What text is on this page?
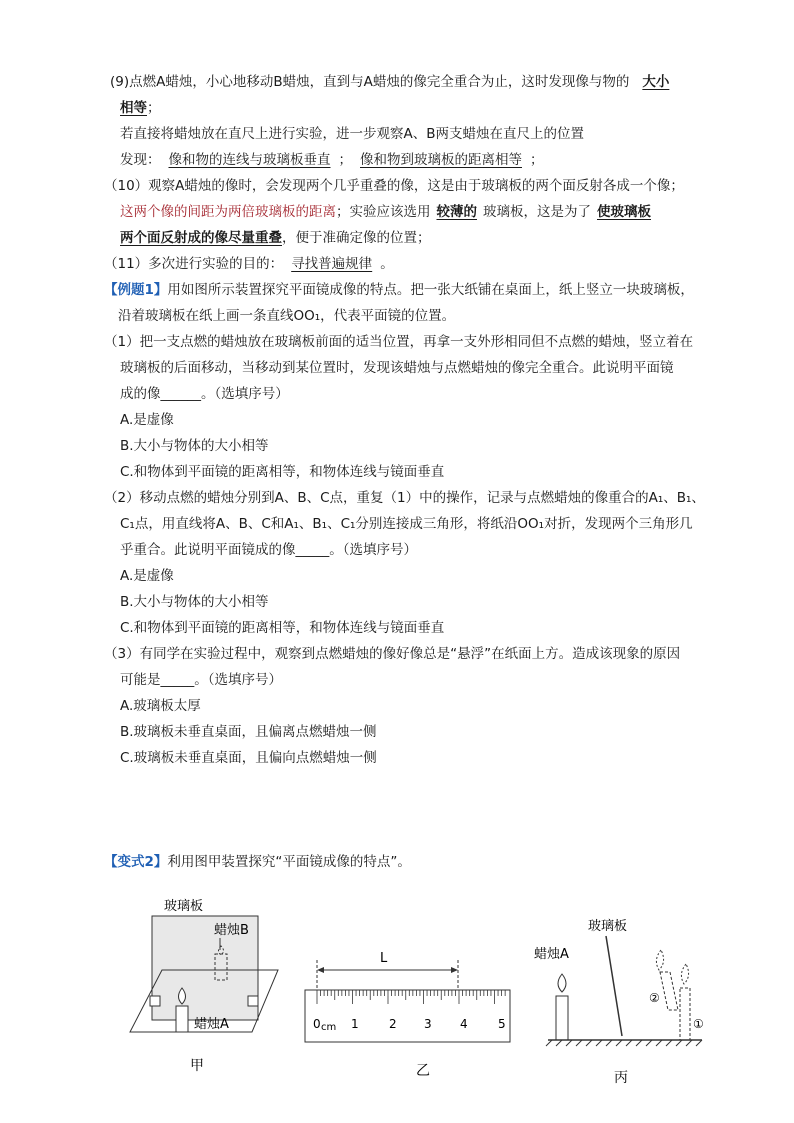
(9)点燃A蜡烛，小心地移动B蜡烛，直到与A蜡烛的像完全重合为止，这时发现像与物的 大小
相等；
若直接将蜡烛放在直尺上进行实验，进一步观察A、B两支蜡烛在直尺上的位置
发现： 像和物的连线与玻璃板垂直 ； 像和物到玻璃板的距离相等 ；
（10）观察A蜡烛的像时，会发现两个几乎重叠的像，这是由于玻璃板的两个面反射各成一个像；
这两个像的间距为两倍玻璃板的距离；实验应该选用 较薄的 玻璃板，这是为了 使玻璃板
两个面反射成的像尽量重叠，便于准确定像的位置；
（11）多次进行实验的目的： 寻找普遍规律 。
【例题1】用如图所示装置探究平面镜成像的特点。把一张大纸铺在桌面上，纸上竖立一块玻璃板，
沿着玻璃板在纸上画一条直线OO₁，代表平面镜的位置。
（1）把一支点燃的蜡烛放在玻璃板前面的适当位置，再拿一支外形相同但不点燃的蜡烛，竖立着在
玻璃板的后面移动，当移动到某位置时，发现该蜡烛与点燃蜡烛的像完全重合。此说明平面镜
成的像______。（选填序号）
A.是虚像
B.大小与物体的大小相等
C.和物体到平面镜的距离相等，和物体连线与镜面垂直
（2）移动点燃的蜡烛分别到A、B、C点，重复（1）中的操作，记录与点燃蜡烛的像重合的A₁、B₁、
C₁点，用直线将A、B、C和A₁、B₁、C₁分别连接成三角形，将纸沿OO₁对折，发现两个三角形几
乎重合。此说明平面镜成的像_____。（选填序号）
A.是虚像
B.大小与物体的大小相等
C.和物体到平面镜的距离相等，和物体连线与镜面垂直
（3）有同学在实验过程中，观察到点燃蜡烛的像好像总是“悬浮”在纸面上方。造成该现象的原因
可能是_____。（选填序号）
A.玻璃板太厚
B.玻璃板未垂直桌面，且偏离点燃蜡烛一侧
C.玻璃板未垂直桌面，且偏向点燃蜡烛一侧
【变式2】利用图甲装置探究“平面镜成像的特点”。
玻璃板
蜡烛B
蜡烛A
甲
L
0 cm 1	2 3 4	5
乙
玻璃板
蜡烛A
②
①
丙
